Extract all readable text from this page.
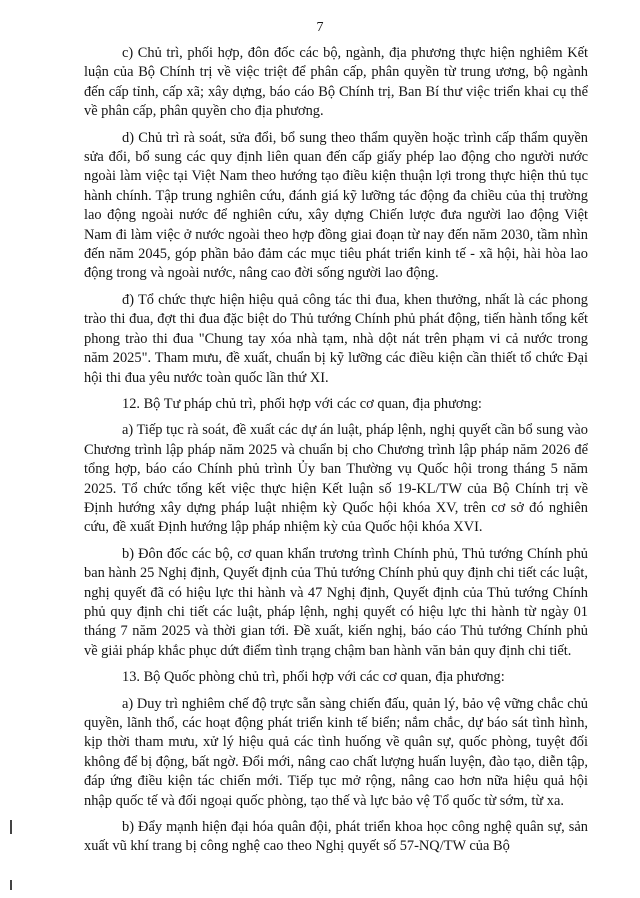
7

c) Chủ trì, phối hợp, đôn đốc các bộ, ngành, địa phương thực hiện nghiêm Kết luận của Bộ Chính trị về việc triệt để phân cấp, phân quyền từ trung ương, bộ ngành đến cấp tỉnh, cấp xã; xây dựng, báo cáo Bộ Chính trị, Ban Bí thư việc triển khai cụ thể về phân cấp, phân quyền cho địa phương.

d) Chủ trì rà soát, sửa đổi, bổ sung theo thẩm quyền hoặc trình cấp thẩm quyền sửa đổi, bổ sung các quy định liên quan đến cấp giấy phép lao động cho người nước ngoài làm việc tại Việt Nam theo hướng tạo điều kiện thuận lợi trong thực hiện thủ tục hành chính. Tập trung nghiên cứu, đánh giá kỹ lưỡng tác động đa chiều của thị trường lao động ngoài nước để nghiên cứu, xây dựng Chiến lược đưa người lao động Việt Nam đi làm việc ở nước ngoài theo hợp đồng giai đoạn từ nay đến năm 2030, tầm nhìn đến năm 2045, góp phần bảo đảm các mục tiêu phát triển kinh tế - xã hội, hài hòa lao động trong và ngoài nước, nâng cao đời sống người lao động.

đ) Tổ chức thực hiện hiệu quả công tác thi đua, khen thưởng, nhất là các phong trào thi đua, đợt thi đua đặc biệt do Thủ tướng Chính phủ phát động, tiến hành tổng kết phong trào thi đua "Chung tay xóa nhà tạm, nhà dột nát trên phạm vi cả nước trong năm 2025". Tham mưu, đề xuất, chuẩn bị kỹ lưỡng các điều kiện cần thiết tổ chức Đại hội thi đua yêu nước toàn quốc lần thứ XI.

12. Bộ Tư pháp chủ trì, phối hợp với các cơ quan, địa phương:

a) Tiếp tục rà soát, đề xuất các dự án luật, pháp lệnh, nghị quyết cần bổ sung vào Chương trình lập pháp năm 2025 và chuẩn bị cho Chương trình lập pháp năm 2026 để tổng hợp, báo cáo Chính phủ trình Ủy ban Thường vụ Quốc hội trong tháng 5 năm 2025. Tổ chức tổng kết việc thực hiện Kết luận số 19-KL/TW của Bộ Chính trị về Định hướng xây dựng pháp luật nhiệm kỳ Quốc hội khóa XV, trên cơ sở đó nghiên cứu, đề xuất Định hướng lập pháp nhiệm kỳ của Quốc hội khóa XVI.

b) Đôn đốc các bộ, cơ quan khẩn trương trình Chính phủ, Thủ tướng Chính phủ ban hành 25 Nghị định, Quyết định của Thủ tướng Chính phủ quy định chi tiết các luật, nghị quyết đã có hiệu lực thi hành và 47 Nghị định, Quyết định của Thủ tướng Chính phủ quy định chi tiết các luật, pháp lệnh, nghị quyết có hiệu lực thi hành từ ngày 01 tháng 7 năm 2025 và thời gian tới. Đề xuất, kiến nghị, báo cáo Thủ tướng Chính phủ về giải pháp khắc phục dứt điểm tình trạng chậm ban hành văn bản quy định chi tiết.

13. Bộ Quốc phòng chủ trì, phối hợp với các cơ quan, địa phương:

a) Duy trì nghiêm chế độ trực sẵn sàng chiến đấu, quản lý, bảo vệ vững chắc chủ quyền, lãnh thổ, các hoạt động phát triển kinh tế biển; nắm chắc, dự báo sát tình hình, kịp thời tham mưu, xử lý hiệu quả các tình huống về quân sự, quốc phòng, tuyệt đối không để bị động, bất ngờ. Đổi mới, nâng cao chất lượng huấn luyện, đào tạo, diễn tập, đáp ứng điều kiện tác chiến mới. Tiếp tục mở rộng, nâng cao hơn nữa hiệu quả hội nhập quốc tế và đối ngoại quốc phòng, tạo thế và lực bảo vệ Tổ quốc từ sớm, từ xa.

b) Đẩy mạnh hiện đại hóa quân đội, phát triển khoa học công nghệ quân sự, sản xuất vũ khí trang bị công nghệ cao theo Nghị quyết số 57-NQ/TW của Bộ
